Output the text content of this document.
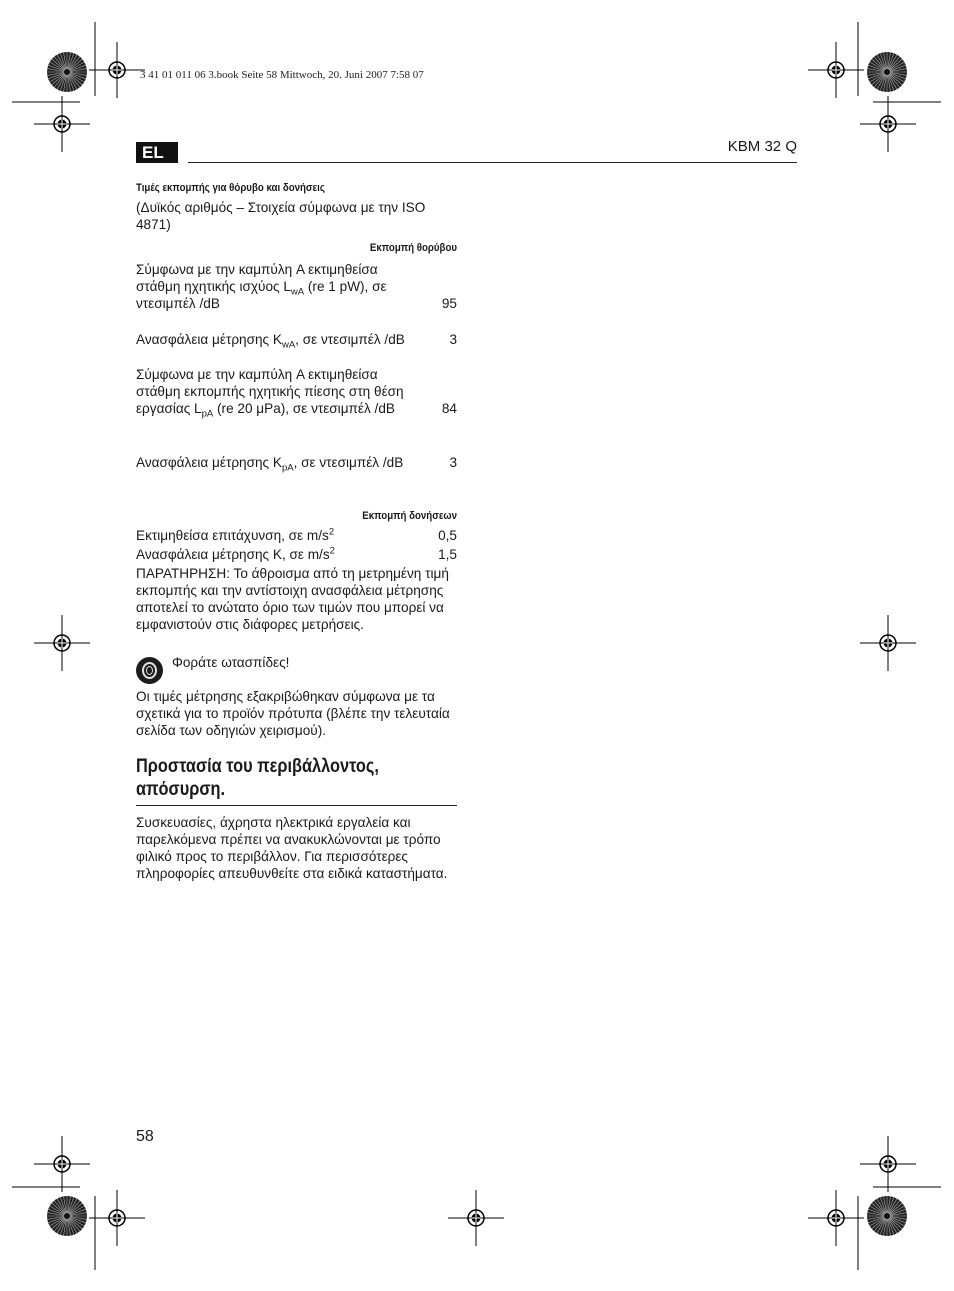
3 41 01 011 06 3.book Seite 58 Mittwoch, 20. Juni 2007 7:58 07
EL	KBM 32 Q
Τιμές εκπομπής για θόρυβο και δονήσεις
(Δυϊκός αριθμός – Στοιχεία σύμφωνα με την ISO 4871)
Εκπομπή θορύβου
Σύμφωνα με την καμπύλη A εκτιμηθείσα στάθμη ηχητικής ισχύος $L_{wA}$ (re 1 pW), σε ντεσιμπέλ /dB	95
Ανασφάλεια μέτρησης $K_{wA}$, σε ντεσιμπέλ /dB	3
Σύμφωνα με την καμπύλη A εκτιμηθείσα στάθμη εκπομπής ηχητικής πίεσης στη θέση εργασίας $L_{pA}$ (re 20 μPa), σε ντεσιμπέλ /dB	84
Ανασφάλεια μέτρησης $K_{pA}$, σε ντεσιμπέλ /dB	3
Εκπομπή δονήσεων
Εκτιμηθείσα επιτάχυνση, σε $m/s^2$	0,5
Ανασφάλεια μέτρησης K, σε $m/s^2$	1,5
ΠΑΡΑΤΗΡΗΣΗ: Το άθροισμα από τη μετρημένη τιμή εκπομπής και την αντίστοιχη ανασφάλεια μέτρησης αποτελεί το ανώτατο όριο των τιμών που μπορεί να εμφανιστούν στις διάφορες μετρήσεις.
Φοράτε ωτασπίδες!
Οι τιμές μέτρησης εξακριβώθηκαν σύμφωνα με τα σχετικά για το προϊόν πρότυπα (βλέπε την τελευταία σελίδα των οδηγιών χειρισμού).
Προστασία του περιβάλλοντος, απόσυρση.
Συσκευασίες, άχρηστα ηλεκτρικά εργαλεία και παρελκόμενα πρέπει να ανακυκλώνονται με τρόπο φιλικό προς το περιβάλλον. Για περισσότερες πληροφορίες απευθυνθείτε στα ειδικά καταστήματα.
58
